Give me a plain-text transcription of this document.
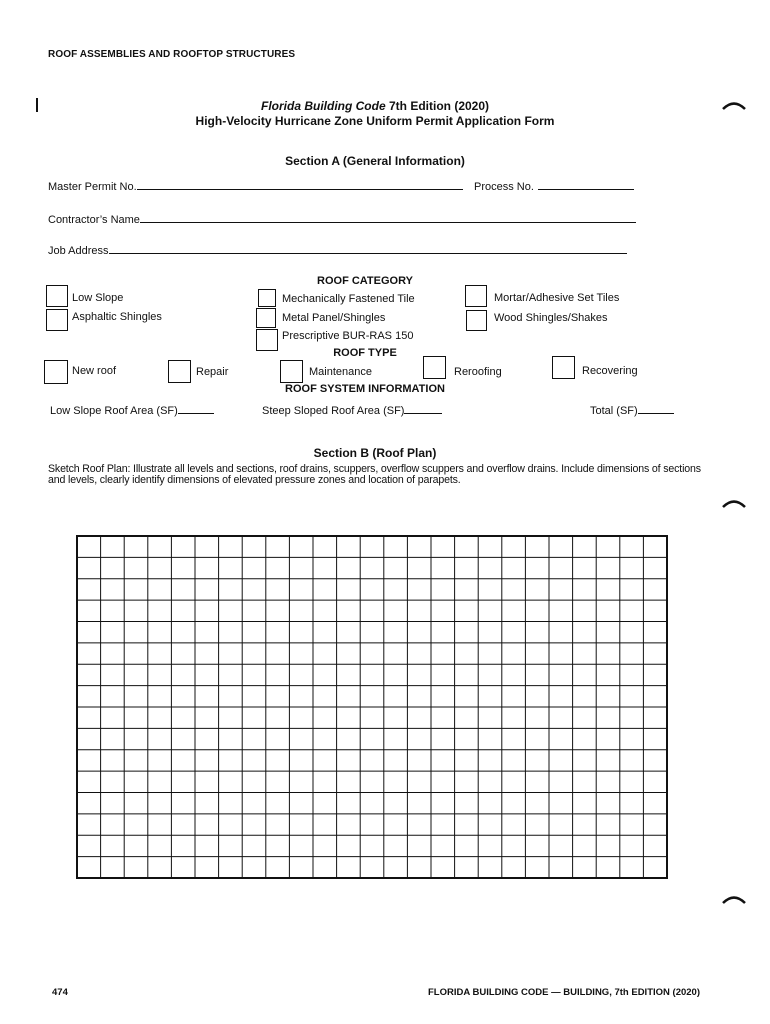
ROOF ASSEMBLIES AND ROOFTOP STRUCTURES
Florida Building Code 7th Edition (2020)
High-Velocity Hurricane Zone Uniform Permit Application Form
Section A (General Information)
Master Permit No.	Process No.
Contractor’s Name
Job Address
ROOF CATEGORY
Low Slope
Asphaltic Shingles
Mechanically Fastened Tile
Metal Panel/Shingles
Prescriptive BUR-RAS 150
Mortar/Adhesive Set Tiles
Wood Shingles/Shakes
ROOF TYPE
New roof	Repair	Maintenance	Reroofing	Recovering
ROOF SYSTEM INFORMATION
Low Slope Roof Area (SF)	Steep Sloped Roof Area (SF)	Total (SF)
Section B (Roof Plan)
Sketch Roof Plan: Illustrate all levels and sections, roof drains, scuppers, overflow scuppers and overflow drains. Include dimensions of sections and levels, clearly identify dimensions of elevated pressure zones and location of parapets.
474	FLORIDA BUILDING CODE — BUILDING, 7th EDITION (2020)
